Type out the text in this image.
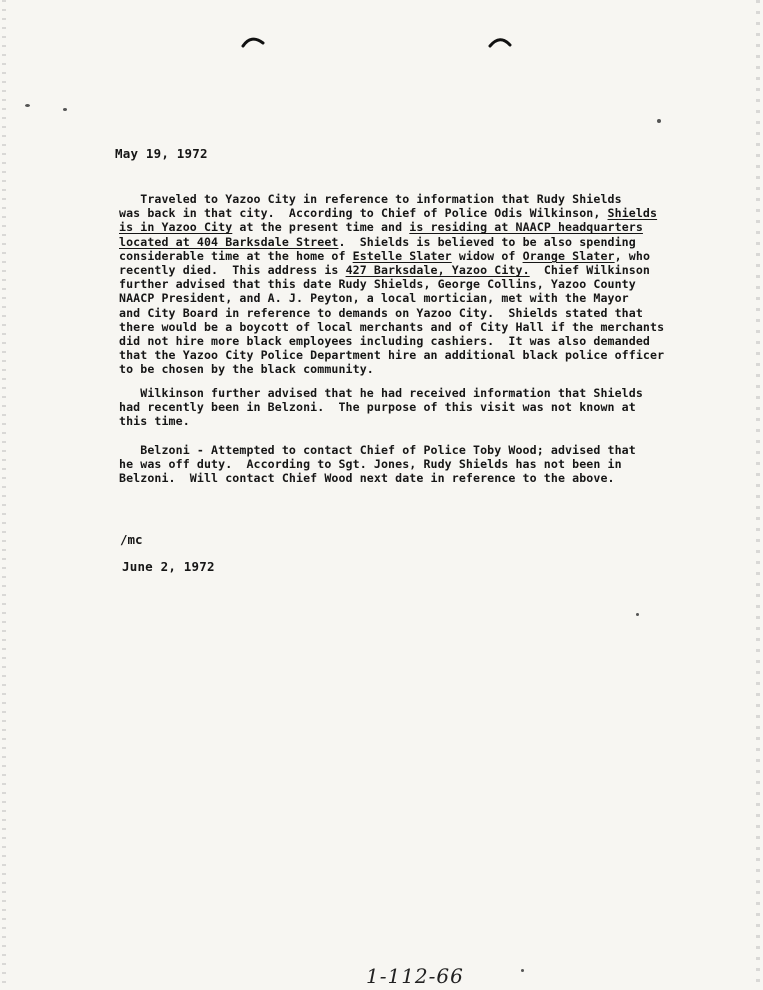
May 19, 1972

Traveled to Yazoo City in reference to information that Rudy Shields

was back in that city.  According to Chief of Police Odis Wilkinson, Shields

is in Yazoo City at the present time and is residing at NAACP headquarters

located at 404 Barksdale Street.  Shields is believed to be also spending

considerable time at the home of Estelle Slater widow of Orange Slater, who

recently died.  This address is 427 Barksdale, Yazoo City.  Chief Wilkinson

further advised that this date Rudy Shields, George Collins, Yazoo County

NAACP President, and A. J. Peyton, a local mortician, met with the Mayor

and City Board in reference to demands on Yazoo City.  Shields stated that

there would be a boycott of local merchants and of City Hall if the merchants

did not hire more black employees including cashiers.  It was also demanded

that the Yazoo City Police Department hire an additional black police officer

to be chosen by the black community.

Wilkinson further advised that he had received information that Shields

had recently been in Belzoni.  The purpose of this visit was not known at

this time.

Belzoni - Attempted to contact Chief of Police Toby Wood; advised that

he was off duty.  According to Sgt. Jones, Rudy Shields has not been in

Belzoni.  Will contact Chief Wood next date in reference to the above.

/mc
June 2, 1972
1-112-66
